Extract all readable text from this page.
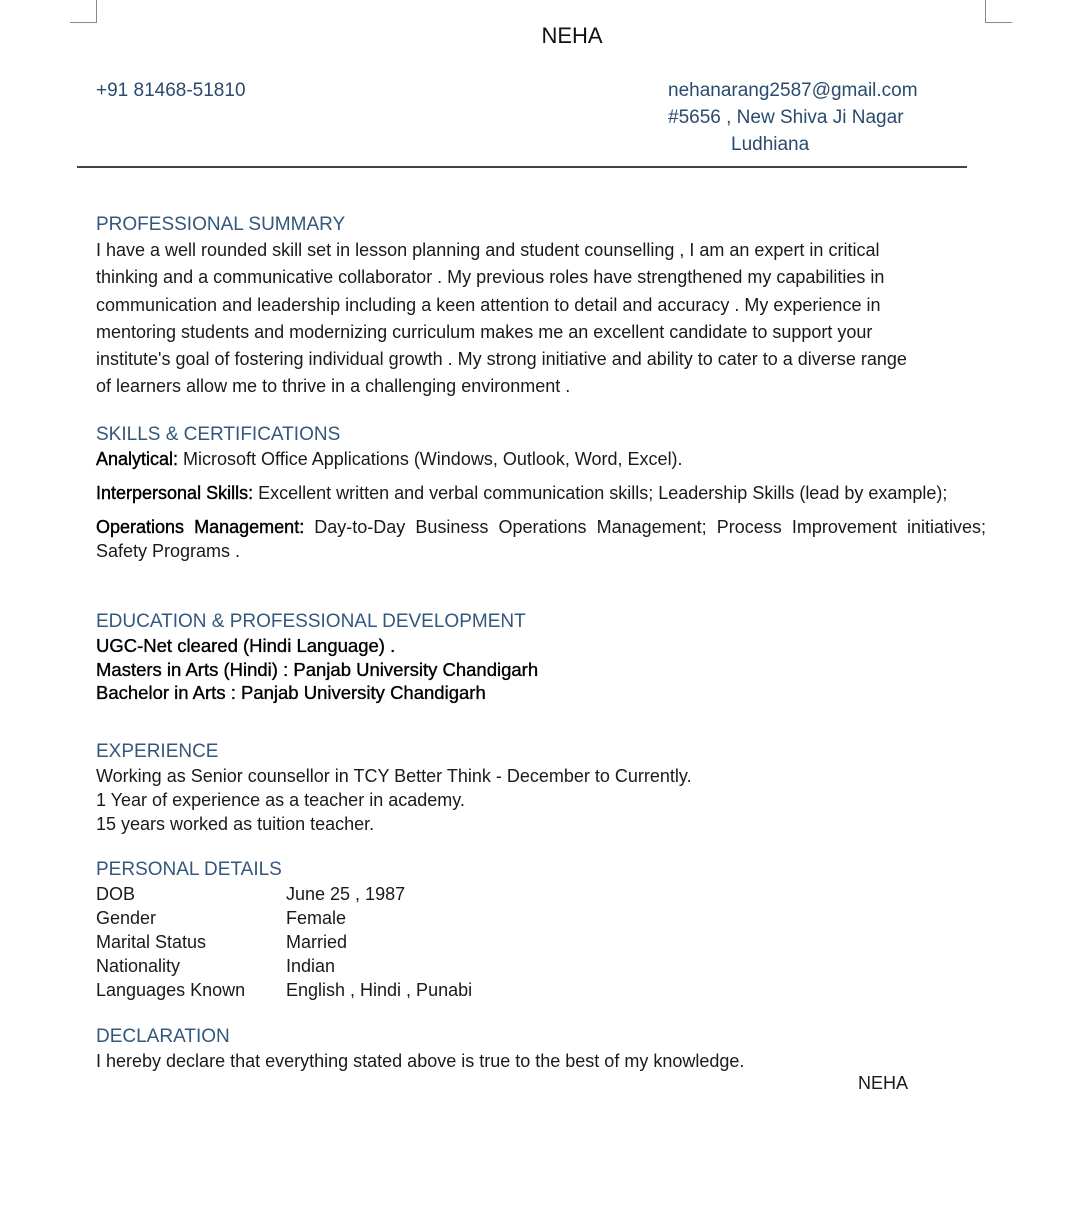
NEHA
+91 81468-51810	nehanarang2587@gmail.com
#5656 , New Shiva Ji Nagar
Ludhiana
PROFESSIONAL SUMMARY
I have a well rounded skill set in lesson planning and student counselling , I am an expert in critical
thinking and a communicative collaborator . My previous roles have strengthened my capabilities in
communication and leadership including a keen attention to detail and accuracy . My experience in
mentoring students and modernizing curriculum makes me an excellent candidate to support your
institute's goal of fostering individual growth . My strong initiative and ability to cater to a diverse range
of learners allow me to thrive in a challenging environment .
SKILLS & CERTIFICATIONS
Analytical: Microsoft Office Applications (Windows, Outlook, Word, Excel).
Interpersonal Skills: Excellent written and verbal communication skills; Leadership Skills (lead by example);
Operations Management: Day-to-Day Business Operations Management; Process Improvement initiatives; Safety Programs .
EDUCATION & PROFESSIONAL DEVELOPMENT
UGC-Net cleared (Hindi Language) .
Masters in Arts (Hindi) : Panjab University Chandigarh
Bachelor in Arts : Panjab University Chandigarh
EXPERIENCE
Working as Senior counsellor in TCY Better Think - December to Currently.
1 Year of experience as a teacher in academy.
15 years worked as tuition teacher.
PERSONAL DETAILS
DOB	June 25 , 1987
Gender	Female
Marital Status	Married
Nationality	Indian
Languages Known	English , Hindi , Punabi
DECLARATION
I hereby declare that everything stated above is true to the best of my knowledge.
NEHA
